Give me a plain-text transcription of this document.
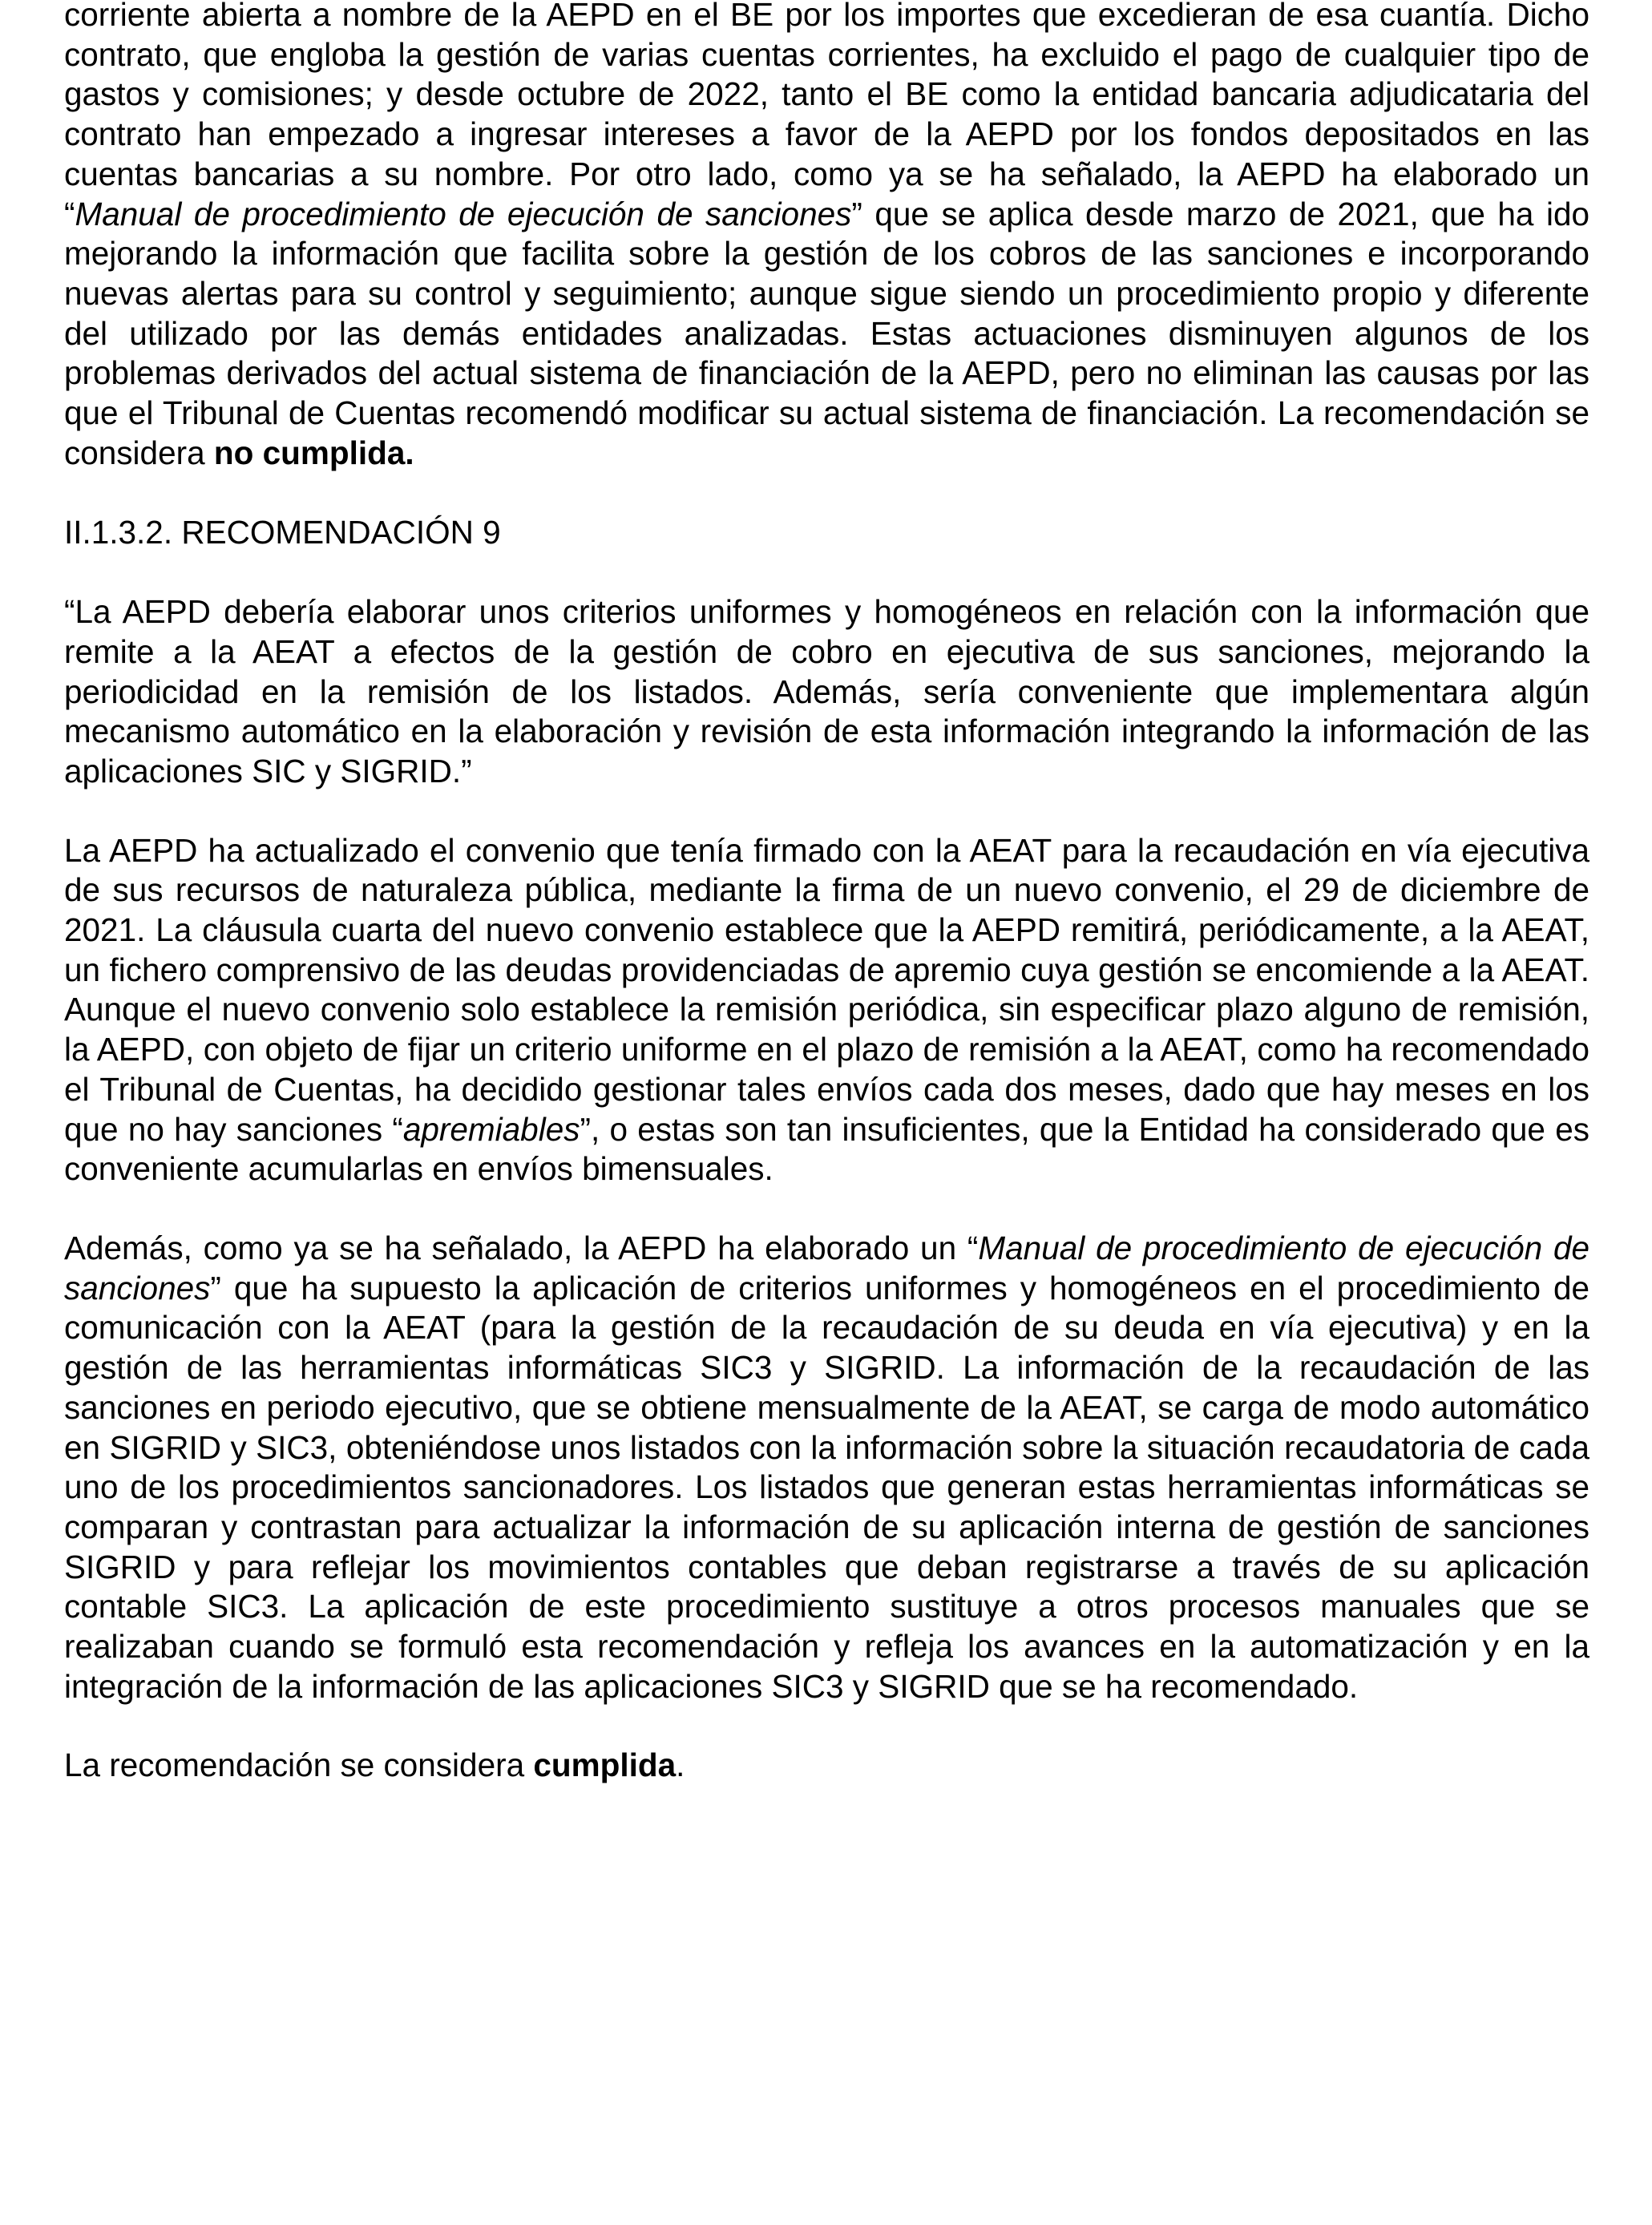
corriente abierta a nombre de la AEPD en el BE por los importes que excedieran de esa cuantía. Dicho contrato, que engloba la gestión de varias cuentas corrientes, ha excluido el pago de cualquier tipo de gastos y comisiones; y desde octubre de 2022, tanto el BE como la entidad bancaria adjudicataria del contrato han empezado a ingresar intereses a favor de la AEPD por los fondos depositados en las cuentas bancarias a su nombre. Por otro lado, como ya se ha señalado, la AEPD ha elaborado un “Manual de procedimiento de ejecución de sanciones” que se aplica desde marzo de 2021, que ha ido mejorando la información que facilita sobre la gestión de los cobros de las sanciones e incorporando nuevas alertas para su control y seguimiento; aunque sigue siendo un procedimiento propio y diferente del utilizado por las demás entidades analizadas. Estas actuaciones disminuyen algunos de los problemas derivados del actual sistema de financiación de la AEPD, pero no eliminan las causas por las que el Tribunal de Cuentas recomendó modificar su actual sistema de financiación. La recomendación se considera no cumplida.

II.1.3.2. RECOMENDACIÓN 9

“La AEPD debería elaborar unos criterios uniformes y homogéneos en relación con la información que remite a la AEAT a efectos de la gestión de cobro en ejecutiva de sus sanciones, mejorando la periodicidad en la remisión de los listados. Además, sería conveniente que implementara algún mecanismo automático en la elaboración y revisión de esta información integrando la información de las aplicaciones SIC y SIGRID.”

La AEPD ha actualizado el convenio que tenía firmado con la AEAT para la recaudación en vía ejecutiva de sus recursos de naturaleza pública, mediante la firma de un nuevo convenio, el 29 de diciembre de 2021. La cláusula cuarta del nuevo convenio establece que la AEPD remitirá, periódicamente, a la AEAT, un fichero comprensivo de las deudas providenciadas de apremio cuya gestión se encomiende a la AEAT. Aunque el nuevo convenio solo establece la remisión periódica, sin especificar plazo alguno de remisión, la AEPD, con objeto de fijar un criterio uniforme en el plazo de remisión a la AEAT, como ha recomendado el Tribunal de Cuentas, ha decidido gestionar tales envíos cada dos meses, dado que hay meses en los que no hay sanciones “apremiables”, o estas son tan insuficientes, que la Entidad ha considerado que es conveniente acumularlas en envíos bimensuales.

Además, como ya se ha señalado, la AEPD ha elaborado un “Manual de procedimiento de ejecución de sanciones” que ha supuesto la aplicación de criterios uniformes y homogéneos en el procedimiento de comunicación con la AEAT (para la gestión de la recaudación de su deuda en vía ejecutiva) y en la gestión de las herramientas informáticas SIC3 y SIGRID. La información de la recaudación de las sanciones en periodo ejecutivo, que se obtiene mensualmente de la AEAT, se carga de modo automático en SIGRID y SIC3, obteniéndose unos listados con la información sobre la situación recaudatoria de cada uno de los procedimientos sancionadores. Los listados que generan estas herramientas informáticas se comparan y contrastan para actualizar la información de su aplicación interna de gestión de sanciones SIGRID y para reflejar los movimientos contables que deban registrarse a través de su aplicación contable SIC3. La aplicación de este procedimiento sustituye a otros procesos manuales que se realizaban cuando se formuló esta recomendación y refleja los avances en la automatización y en la integración de la información de las aplicaciones SIC3 y SIGRID que se ha recomendado.

La recomendación se considera cumplida.
